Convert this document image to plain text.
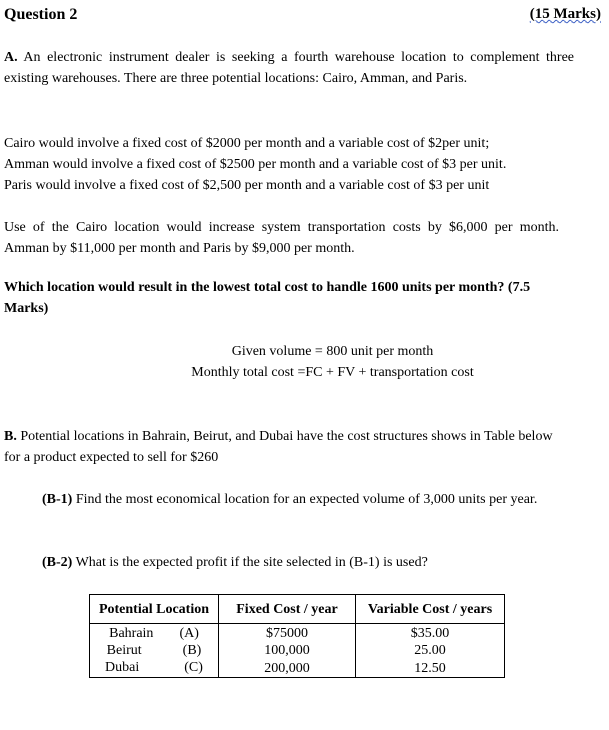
Question 2	(15 Marks)

A. An electronic instrument dealer is seeking a fourth warehouse location to complement three existing warehouses. There are three potential locations: Cairo, Amman, and Paris.

Cairo would involve a fixed cost of $2000 per month and a variable cost of $2per unit;

Amman would involve a fixed cost of $2500 per month and a variable cost of $3 per unit.

Paris would involve a fixed cost of $2,500 per month and a variable cost of $3 per unit

Use of the Cairo location would increase system transportation costs by $6,000 per month. Amman by $11,000 per month and Paris by $9,000 per month.

Which location would result in the lowest total cost to handle 1600 units per month? (7.5 Marks)

Given volume = 800 unit per month

Monthly total cost =FC + FV + transportation cost

B. Potential locations in Bahrain, Beirut, and Dubai have the cost structures shows in Table below for a product expected to sell for $260

(B-1) Find the most economical location for an expected volume of 3,000 units per year.

(B-2) What is the expected profit if the site selected in (B-1) is used?

Potential Location	Fixed Cost / year	Variable Cost / years
Bahrain (A)	$75000	$35.00
Beirut (B)	100,000	25.00
Dubai (C)	200,000	12.50
